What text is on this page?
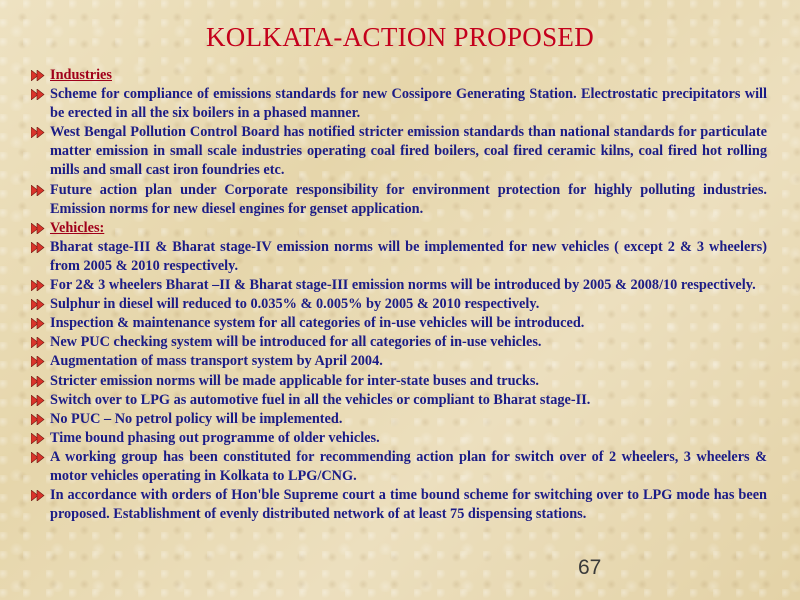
KOLKATA-ACTION PROPOSED
Industries
Scheme for compliance of emissions standards for new Cossipore Generating Station. Electrostatic precipitators will be erected in all the six boilers in a phased manner.
West Bengal Pollution Control Board has notified stricter emission standards than national standards for particulate matter emission in small scale industries operating coal fired boilers, coal fired ceramic kilns, coal fired hot rolling mills and small cast iron foundries etc.
Future action plan under Corporate responsibility for environment protection for highly polluting industries. Emission norms for new diesel engines for genset application.
Vehicles:
Bharat stage-III & Bharat stage-IV emission norms will be implemented for new vehicles ( except 2 & 3 wheelers) from 2005 & 2010 respectively.
For 2& 3 wheelers Bharat –II & Bharat stage-III emission norms will be introduced by 2005 & 2008/10 respectively.
Sulphur in diesel will reduced to 0.035% & 0.005% by 2005 & 2010 respectively.
Inspection & maintenance system for all categories of in-use vehicles will be introduced.
New PUC checking system will be introduced for all categories of in-use vehicles.
Augmentation of mass transport system by April 2004.
Stricter emission norms will be made applicable for inter-state buses and trucks.
Switch over to LPG as automotive fuel in all the vehicles or compliant to Bharat stage-II.
No PUC – No petrol policy will be implemented.
Time bound phasing out programme of older vehicles.
A working group has been constituted for recommending action plan for switch over of 2 wheelers, 3 wheelers & motor vehicles operating in Kolkata to LPG/CNG.
In accordance with orders of Hon'ble Supreme court a time bound scheme for switching over to LPG mode has been proposed. Establishment of evenly distributed network of at least 75 dispensing stations.
67
